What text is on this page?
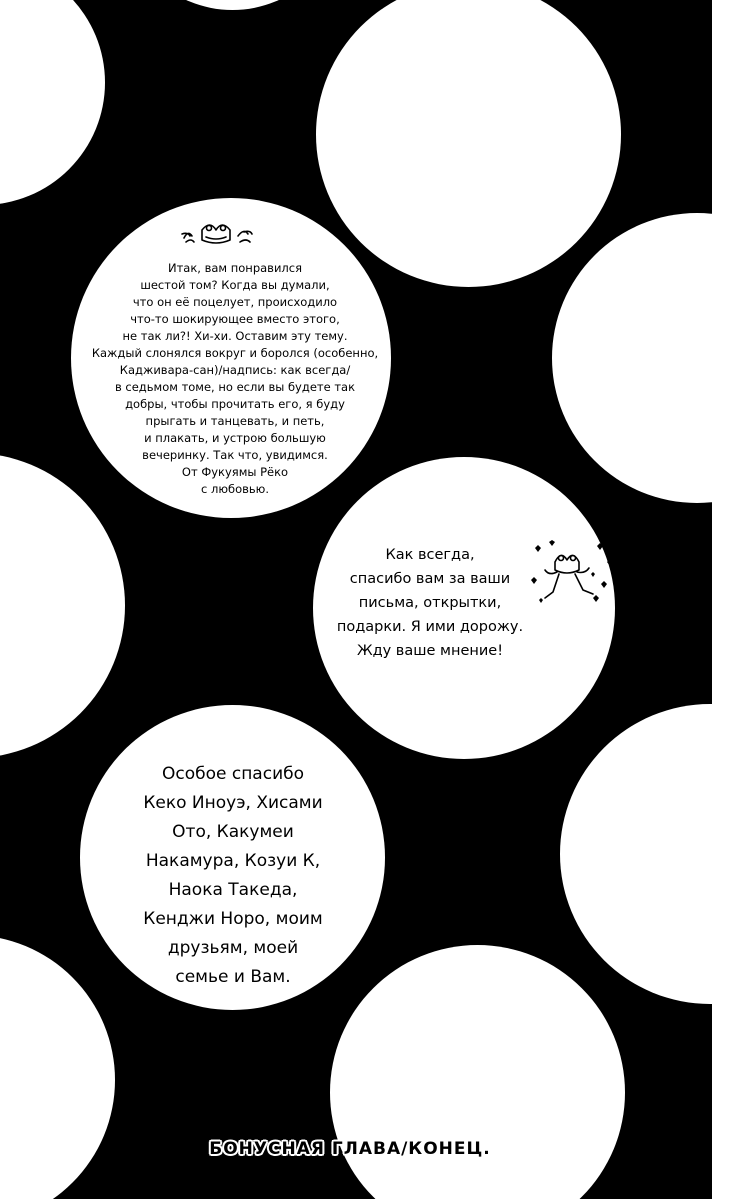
Итак, вам понравился
шестой том? Когда вы думали,
что он её поцелует, происходило
что-то шокирующее вместо этого,
не так ли?! Хи-хи. Оставим эту тему.
Каждый слонялся вокруг и боролся (особенно,
Кадживара-сан)/надпись: как всегда/
в седьмом томе, но если вы будете так
добры, чтобы прочитать его, я буду
прыгать и танцевать, и петь,
и плакать, и устрою большую
вечеринку. Так что, увидимся.
От Фукуямы Рёко
с любовью.
Как всегда,
спасибо вам за ваши
письма, открытки,
подарки. Я ими дорожу.
Жду ваше мнение!
Особое спасибо
Кеко Иноуэ, Хисами
Ото, Какумеи
Накамура, Козуи К,
Наока Такеда,
Кенджи Норо, моим
друзьям, моей
семье и Вам.
БОНУСНАЯ ГЛАВА/КОНЕЦ.
